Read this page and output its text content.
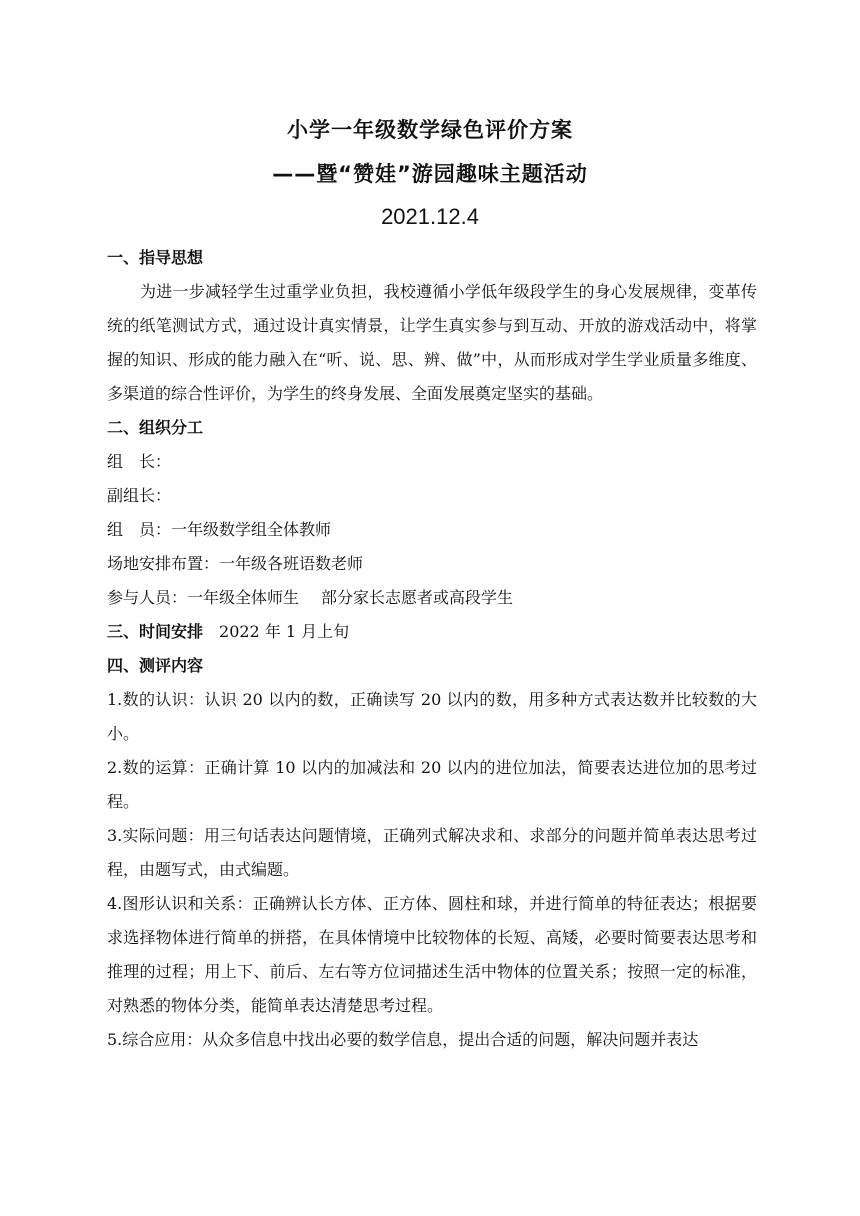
小学一年级数学绿色评价方案
——暨“赞娃”游园趣味主题活动
2021.12.4
一、指导思想
为进一步减轻学生过重学业负担，我校遵循小学低年级段学生的身心发展规律，变革传统的纸笔测试方式，通过设计真实情景，让学生真实参与到互动、开放的游戏活动中，将掌握的知识、形成的能力融入在“听、说、思、辨、做”中，从而形成对学生学业质量多维度、多渠道的综合性评价，为学生的终身发展、全面发展奠定坚实的基础。
二、组织分工
组　长：
副组长：
组　员：一年级数学组全体教师
场地安排布置：一年级各班语数老师
参与人员：一年级全体师生 部分家长志愿者或高段学生
三、时间安排 2022 年 1 月上旬
四、测评内容
1.数的认识：认识 20 以内的数，正确读写 20 以内的数，用多种方式表达数并比较数的大小。
2.数的运算：正确计算 10 以内的加减法和 20 以内的进位加法，简要表达进位加的思考过程。
3.实际问题：用三句话表达问题情境，正确列式解决求和、求部分的问题并简单表达思考过程，由题写式，由式编题。
4.图形认识和关系：正确辨认长方体、正方体、圆柱和球，并进行简单的特征表达；根据要求选择物体进行简单的拼搭，在具体情境中比较物体的长短、高矮，必要时简要表达思考和推理的过程；用上下、前后、左右等方位词描述生活中物体的位置关系；按照一定的标准，对熟悉的物体分类，能简单表达清楚思考过程。
5.综合应用：从众多信息中找出必要的数学信息，提出合适的问题，解决问题并表达
